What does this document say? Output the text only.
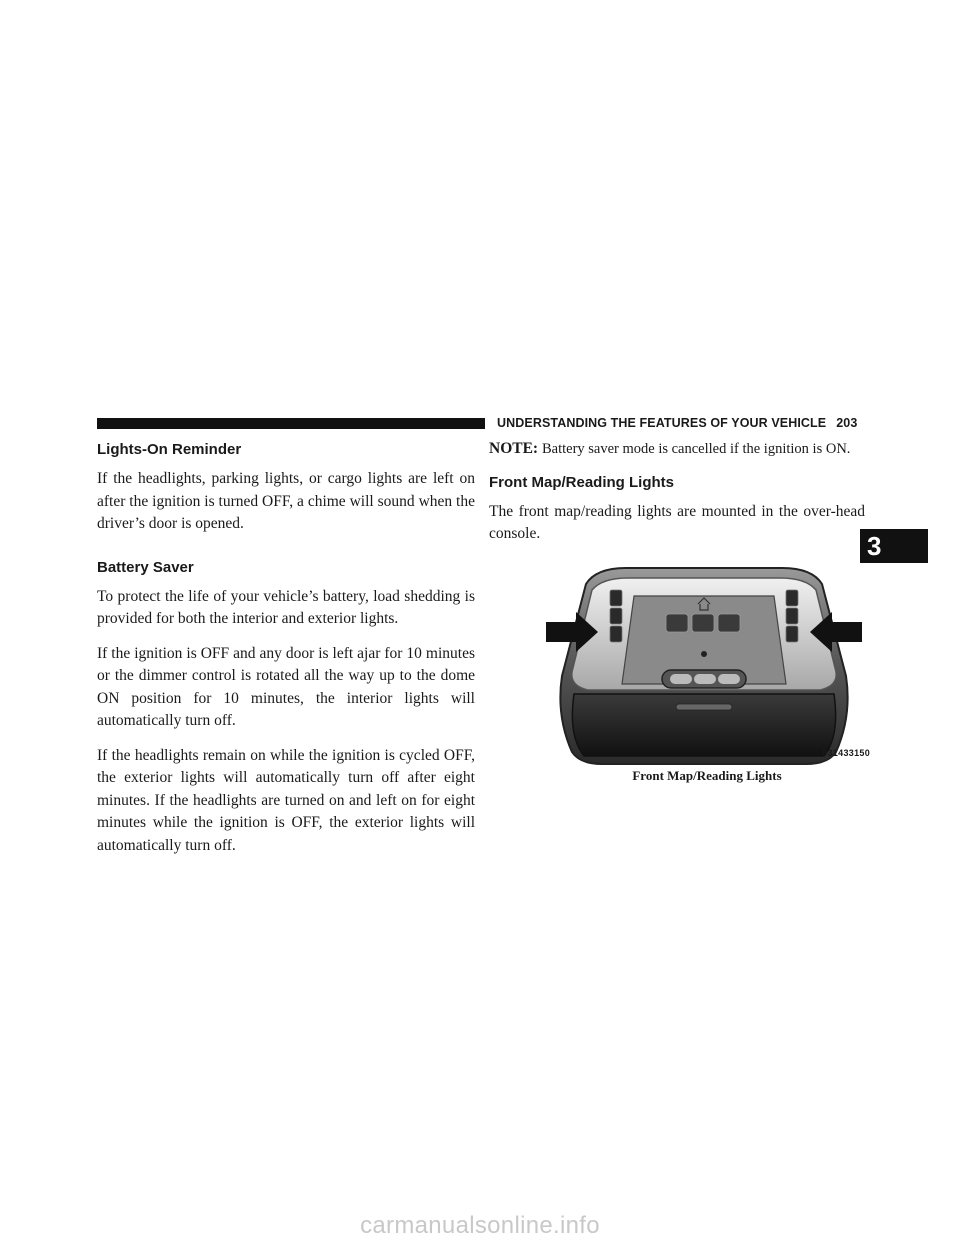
UNDERSTANDING THE FEATURES OF YOUR VEHICLE 203
Lights-On Reminder

If the headlights, parking lights, or cargo lights are left on after the ignition is turned OFF, a chime will sound when the driver’s door is opened.

Battery Saver

To protect the life of your vehicle’s battery, load shedding is provided for both the interior and exterior lights.

If the ignition is OFF and any door is left ajar for 10 minutes or the dimmer control is rotated all the way up to the dome ON position for 10 minutes, the interior lights will automatically turn off.

If the headlights remain on while the ignition is cycled OFF, the exterior lights will automatically turn off after eight minutes. If the headlights are turned on and left on for eight minutes while the ignition is OFF, the exterior lights will automatically turn off.

NOTE: Battery saver mode is cancelled if the ignition is ON.

Front Map/Reading Lights

The front map/reading lights are mounted in the over-head console.

031433150
Front Map/Reading Lights
3
carmanualsonline.info
